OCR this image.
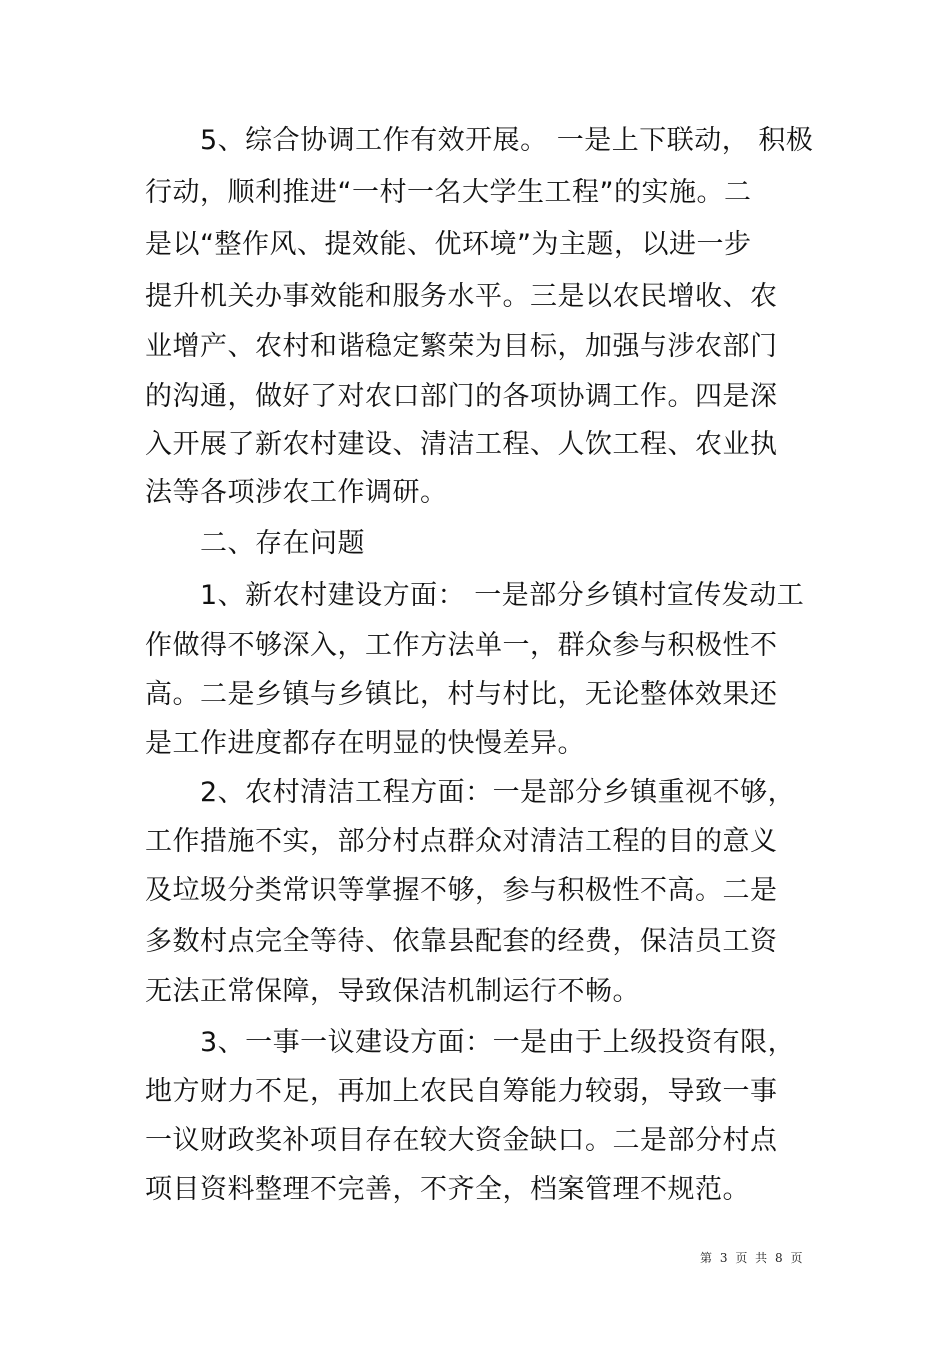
5、综合协调工作有效开展。 一是上下联动， 积极
行动，顺利推进“一村一名大学生工程”的实施。二
是以“整作风、提效能、优环境”为主题，以进一步
提升机关办事效能和服务水平。三是以农民增收、农
业增产、农村和谐稳定繁荣为目标，加强与涉农部门
的沟通，做好了对农口部门的各项协调工作。四是深
入开展了新农村建设、清洁工程、人饮工程、农业执
法等各项涉农工作调研。
二、存在问题
1、新农村建设方面： 一是部分乡镇村宣传发动工
作做得不够深入，工作方法单一，群众参与积极性不
高。二是乡镇与乡镇比，村与村比，无论整体效果还
是工作进度都存在明显的快慢差异。
2、农村清洁工程方面：一是部分乡镇重视不够，
工作措施不实，部分村点群众对清洁工程的目的意义
及垃圾分类常识等掌握不够，参与积极性不高。二是
多数村点完全等待、依靠县配套的经费，保洁员工资
无法正常保障，导致保洁机制运行不畅。
3、一事一议建设方面：一是由于上级投资有限，
地方财力不足，再加上农民自筹能力较弱，导致一事
一议财政奖补项目存在较大资金缺口。二是部分村点
项目资料整理不完善，不齐全，档案管理不规范。
第 3 页 共 8 页
